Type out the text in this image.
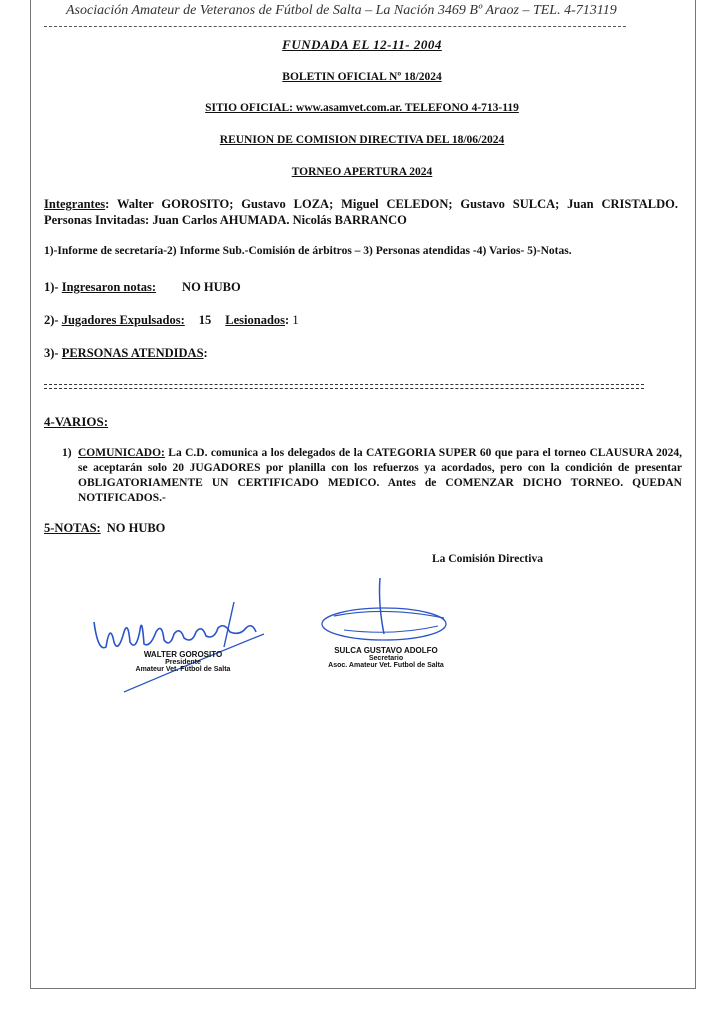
Asociación Amateur de Veteranos de Fútbol de Salta – La Nación 3469 Bº Araoz – TEL. 4-713119
FUNDADA EL 12-11- 2004
BOLETIN OFICIAL Nº 18/2024
SITIO OFICIAL: www.asamvet.com.ar. TELEFONO 4-713-119
REUNION DE COMISION DIRECTIVA DEL 18/06/2024
TORNEO APERTURA 2024
Integrantes: Walter GOROSITO; Gustavo LOZA; Miguel CELEDON; Gustavo SULCA; Juan CRISTALDO. Personas Invitadas: Juan Carlos AHUMADA. Nicolás BARRANCO
1)-Informe de secretaría-2) Informe Sub.-Comisión de árbitros – 3) Personas atendidas -4) Varios- 5)-Notas.
1)- Ingresaron notas: NO HUBO
2)- Jugadores Expulsados: 15 Lesionados: 1
3)- PERSONAS ATENDIDAS:
4-VARIOS:
1) COMUNICADO: La C.D. comunica a los delegados de la CATEGORIA SUPER 60 que para el torneo CLAUSURA 2024, se aceptarán solo 20 JUGADORES por planilla con los refuerzos ya acordados, pero con la condición de presentar OBLIGATORIAMENTE UN CERTIFICADO MEDICO. Antes de COMENZAR DICHO TORNEO. QUEDAN NOTIFICADOS.-
5-NOTAS: NO HUBO
La Comisión Directiva
WALTER GOROSITO
Presidente
Amateur Vet. Fútbol de Salta
SULCA GUSTAVO ADOLFO
Secretario
Asoc. Amateur Vet. Futbol de Salta
